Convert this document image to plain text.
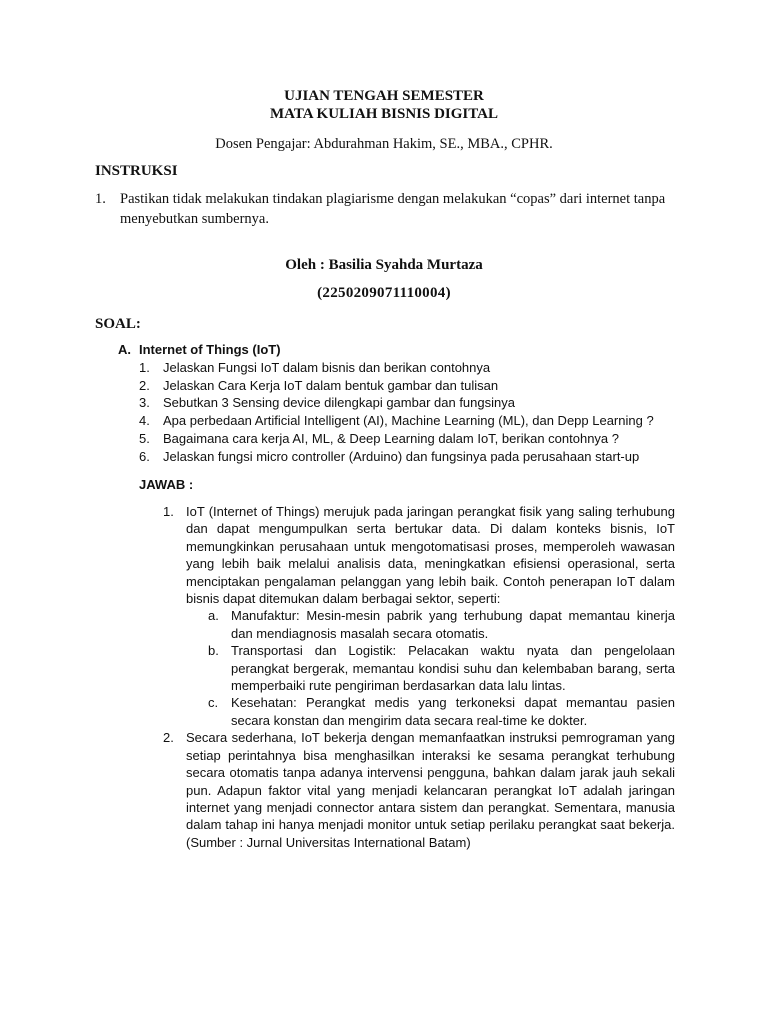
UJIAN TENGAH SEMESTER
MATA KULIAH BISNIS DIGITAL
Dosen Pengajar: Abdurahman Hakim, SE., MBA., CPHR.
INSTRUKSI
1. Pastikan tidak melakukan tindakan plagiarisme dengan melakukan “copas” dari internet tanpa menyebutkan sumbernya.
Oleh : Basilia Syahda Murtaza
(2250209071110004)
SOAL:
A. Internet of Things (IoT)
1. Jelaskan Fungsi IoT dalam bisnis dan berikan contohnya
2. Jelaskan Cara Kerja IoT dalam bentuk gambar dan tulisan
3. Sebutkan 3 Sensing device dilengkapi gambar dan fungsinya
4. Apa perbedaan Artificial Intelligent (AI), Machine Learning (ML), dan Depp Learning ?
5. Bagaimana cara kerja AI, ML, & Deep Learning dalam IoT, berikan contohnya ?
6. Jelaskan fungsi micro controller (Arduino) dan fungsinya pada perusahaan start-up
JAWAB :
1. IoT (Internet of Things) merujuk pada jaringan perangkat fisik yang saling terhubung dan dapat mengumpulkan serta bertukar data. Di dalam konteks bisnis, IoT memungkinkan perusahaan untuk mengotomatisasi proses, memperoleh wawasan yang lebih baik melalui analisis data, meningkatkan efisiensi operasional, serta menciptakan pengalaman pelanggan yang lebih baik. Contoh penerapan IoT dalam bisnis dapat ditemukan dalam berbagai sektor, seperti:
a. Manufaktur: Mesin-mesin pabrik yang terhubung dapat memantau kinerja dan mendiagnosis masalah secara otomatis.
b. Transportasi dan Logistik: Pelacakan waktu nyata dan pengelolaan perangkat bergerak, memantau kondisi suhu dan kelembaban barang, serta memperbaiki rute pengiriman berdasarkan data lalu lintas.
c. Kesehatan: Perangkat medis yang terkoneksi dapat memantau pasien secara konstan dan mengirim data secara real-time ke dokter.
2. Secara sederhana, IoT bekerja dengan memanfaatkan instruksi pemrograman yang setiap perintahnya bisa menghasilkan interaksi ke sesama perangkat terhubung secara otomatis tanpa adanya intervensi pengguna, bahkan dalam jarak jauh sekali pun. Adapun faktor vital yang menjadi kelancaran perangkat IoT adalah jaringan internet yang menjadi connector antara sistem dan perangkat. Sementara, manusia dalam tahap ini hanya menjadi monitor untuk setiap perilaku perangkat saat bekerja. (Sumber : Jurnal Universitas International Batam)
